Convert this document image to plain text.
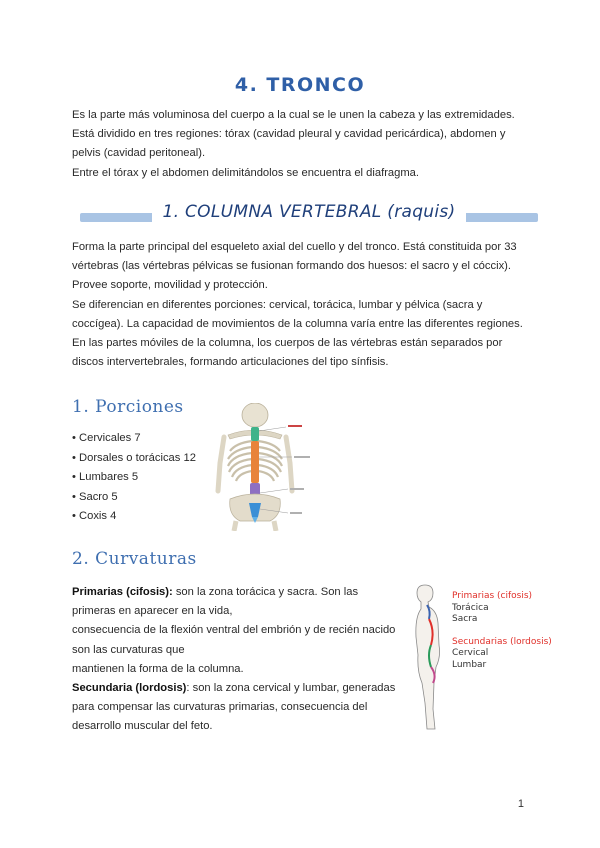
4. TRONCO

Es la parte más voluminosa del cuerpo a la cual se le unen la cabeza y las extremidades.

Está dividido en tres regiones: tórax (cavidad pleural y cavidad pericárdica), abdomen y

pelvis (cavidad peritoneal).

Entre el tórax y el abdomen delimitándolos se encuentra el diafragma.

1. COLUMNA VERTEBRAL (raquis)

Forma la parte principal del esqueleto axial del cuello y del tronco. Está constituida por 33

vértebras (las vértebras pélvicas se fusionan formando dos huesos: el sacro y el cóccix).

Provee soporte, movilidad y protección.

Se diferencian en diferentes porciones: cervical, torácica, lumbar y pélvica (sacra y

coccígea). La capacidad de movimientos de la columna varía entre las diferentes regiones.

En las partes móviles de la columna, los cuerpos de las vértebras están separados por

discos intervertebrales, formando articulaciones del tipo sínfisis.

1. Porciones
• Cervicales 7
• Dorsales o torácicas 12
• Lumbares 5
• Sacro 5
• Coxis 4
2. Curvaturas

Primarias (cifosis): son la zona torácica y sacra. Son las

primeras en aparecer en la vida,

consecuencia de la flexión ventral del embrión y de recién nacido

son las curvaturas que

mantienen la forma de la columna.

Secundaria (lordosis): son la zona cervical y lumbar, generadas

para compensar las curvaturas primarias, consecuencia del

desarrollo muscular del feto.

Primarias (cifosis)
Torácica
Sacra
Secundarias (lordosis)
Cervical
Lumbar
1
